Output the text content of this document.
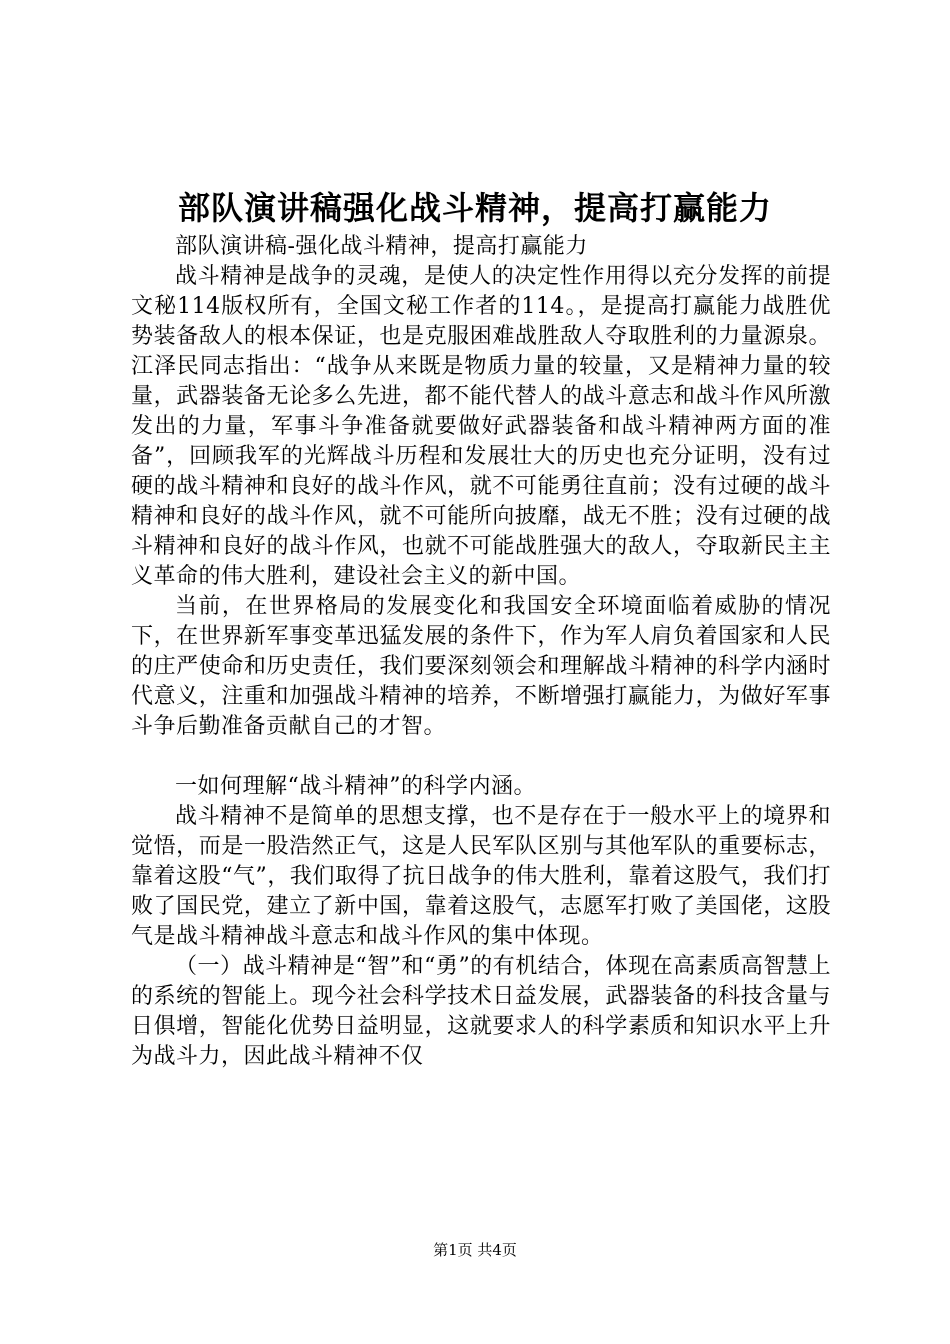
部队演讲稿强化战斗精神，提高打赢能力

部队演讲稿-强化战斗精神，提高打赢能力

战斗精神是战争的灵魂，是使人的决定性作用得以充分发挥的前提文秘114版权所有，全国文秘工作者的114。，是提高打赢能力战胜优势装备敌人的根本保证，也是克服困难战胜敌人夺取胜利的力量源泉。江泽民同志指出：“战争从来既是物质力量的较量，又是精神力量的较量，武器装备无论多么先进，都不能代替人的战斗意志和战斗作风所激发出的力量，军事斗争准备就要做好武器装备和战斗精神两方面的准备”，回顾我军的光辉战斗历程和发展壮大的历史也充分证明，没有过硬的战斗精神和良好的战斗作风，就不可能勇往直前；没有过硬的战斗精神和良好的战斗作风，就不可能所向披靡，战无不胜；没有过硬的战斗精神和良好的战斗作风，也就不可能战胜强大的敌人，夺取新民主主义革命的伟大胜利，建设社会主义的新中国。

当前，在世界格局的发展变化和我国安全环境面临着威胁的情况下，在世界新军事变革迅猛发展的条件下，作为军人肩负着国家和人民的庄严使命和历史责任，我们要深刻领会和理解战斗精神的科学内涵时代意义，注重和加强战斗精神的培养，不断增强打赢能力，为做好军事斗争后勤准备贡献自己的才智。

一如何理解“战斗精神”的科学内涵。

战斗精神不是简单的思想支撑，也不是存在于一般水平上的境界和觉悟，而是一股浩然正气，这是人民军队区别与其他军队的重要标志，靠着这股“气”，我们取得了抗日战争的伟大胜利，靠着这股气，我们打败了国民党，建立了新中国，靠着这股气，志愿军打败了美国佬，这股气是战斗精神战斗意志和战斗作风的集中体现。

（一）战斗精神是“智”和“勇”的有机结合，体现在高素质高智慧上的系统的智能上。现今社会科学技术日益发展，武器装备的科技含量与日俱增，智能化优势日益明显，这就要求人的科学素质和知识水平上升为战斗力，因此战斗精神不仅

第1页 共4页
